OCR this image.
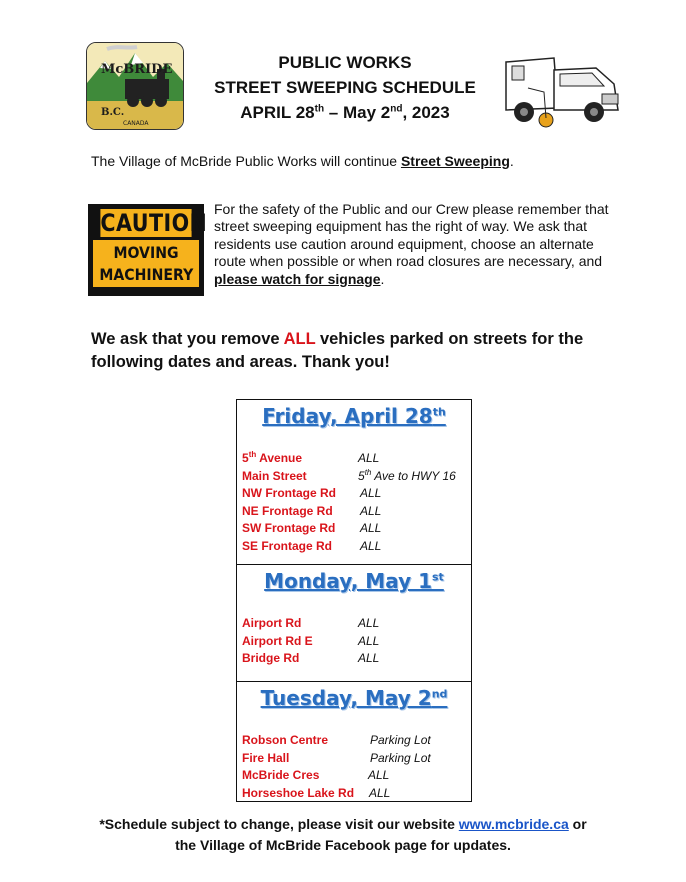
McBRIDE
B.C.
CANADA
PUBLIC WORKS
STREET SWEEPING SCHEDULE
APRIL 28th – May 2nd, 2023
The Village of McBride Public Works will continue Street Sweeping.
CAUTION
MOVING
MACHINERY
For the safety of the Public and our Crew please remember that street sweeping equipment has the right of way. We ask that residents use caution around equipment, choose an alternate route when possible or when road closures are necessary, and please watch for signage.
We ask that you remove ALL vehicles parked on streets for the following dates and areas. Thank you!
Friday, April 28th
5th Avenue	ALL
Main Street	5th Ave to HWY 16
NW Frontage Rd	ALL
NE Frontage Rd	ALL
SW Frontage Rd	ALL
SE Frontage Rd	ALL
Monday, May 1st
Airport Rd	ALL
Airport Rd E	ALL
Bridge Rd	ALL
Tuesday, May 2nd
Robson Centre	Parking Lot
Fire Hall	Parking Lot
McBride Cres	ALL
Horseshoe Lake Rd	ALL
*Schedule subject to change, please visit our website www.mcbride.ca or
the Village of McBride Facebook page for updates.
